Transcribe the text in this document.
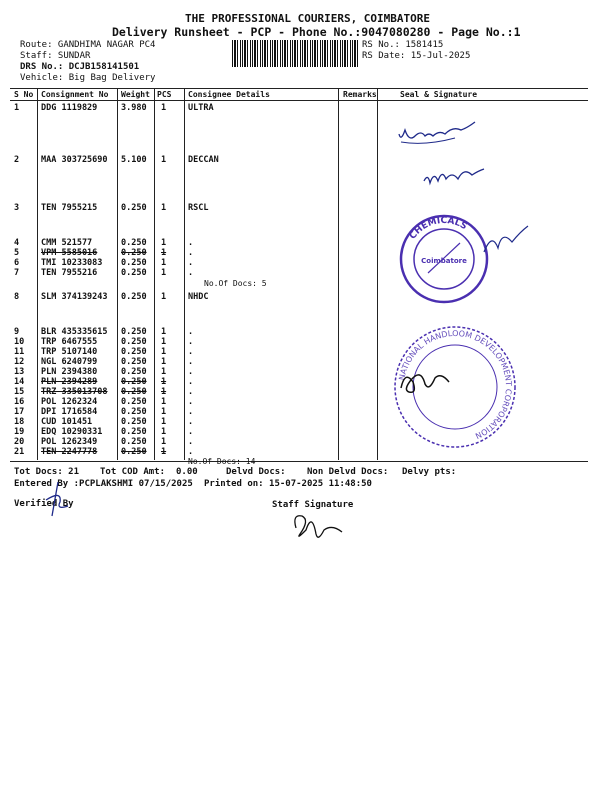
THE PROFESSIONAL COURIERS, COIMBATORE
Delivery Runsheet - PCP - Phone No.:9047080280 - Page No.:1
Route: GANDHIMA NAGAR PC4
Staff: SUNDAR
DRS No.: DCJB158141501
Vehicle: Big Bag Delivery
RS No.: 1581415
RS Date: 15-Jul-2025
S No Consignment No Weight PCS Consignee Details	Remarks	Seal & Signature
1	DDG 1119829	3.980 1	ULTRA
2	MAA 303725690 5.100 1	DECCAN
3	TEN 7955215	0.250 1	RSCL
4	CMM 521577	0.250 1	.
5	VPM 5585016	0.250 1	.
6	TMI 10233083 0.250 1	.
7	TEN 7955216	0.250 1	.
8	SLM 374139243 0.250 1	NHDC
9	BLR 435335615 0.250 1	.
10 TRP 6467555	0.250 1	.
11 TRP 5107140	0.250 1	.
12 NGL 6240799	0.250 1	.
13 PLN 2394380	0.250 1	.
14 PLN 2394289	0.250 1	.
15 TRZ 335013708 0.250 1	.
16 POL 1262324	0.250 1	.
17 DPI 1716584	0.250 1	.
18 CUD 101451	0.250 1	.
19 EDQ 10290331 0.250 1	.
20 POL 1262349	0.250 1	.
21 TEN 2247778	0.250 1	.
No.Of Docs: 5
No.Of Docs: 14
CHEMICALS
Coimbatore
NATIONAL HANDLOOM DEVELOPMENT CORPORATION
Tot Docs: 21 Tot COD Amt: 0.00	Delvd Docs: Non Delvd Docs: Delvy pts:
Entered By :PCPLAKSHMI 07/15/2025 Printed on: 15-07-2025 11:48:50
Verified By	Staff Signature
